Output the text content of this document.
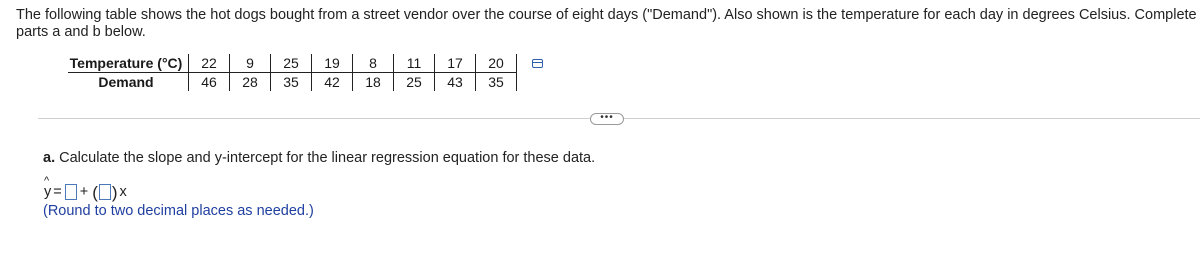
The following table shows the hot dogs bought from a street vendor over the course of eight days ("Demand"). Also shown is the temperature for each day in degrees Celsius. Complete parts a and b below.
Temperature (°C)	22	9	25	19	8	11	17	20
Demand	46	28	35	42	18	25	43	35
•••
a. Calculate the slope and y-intercept for the linear regression equation for these data.
^
y = + ( ) x
(Round to two decimal places as needed.)
